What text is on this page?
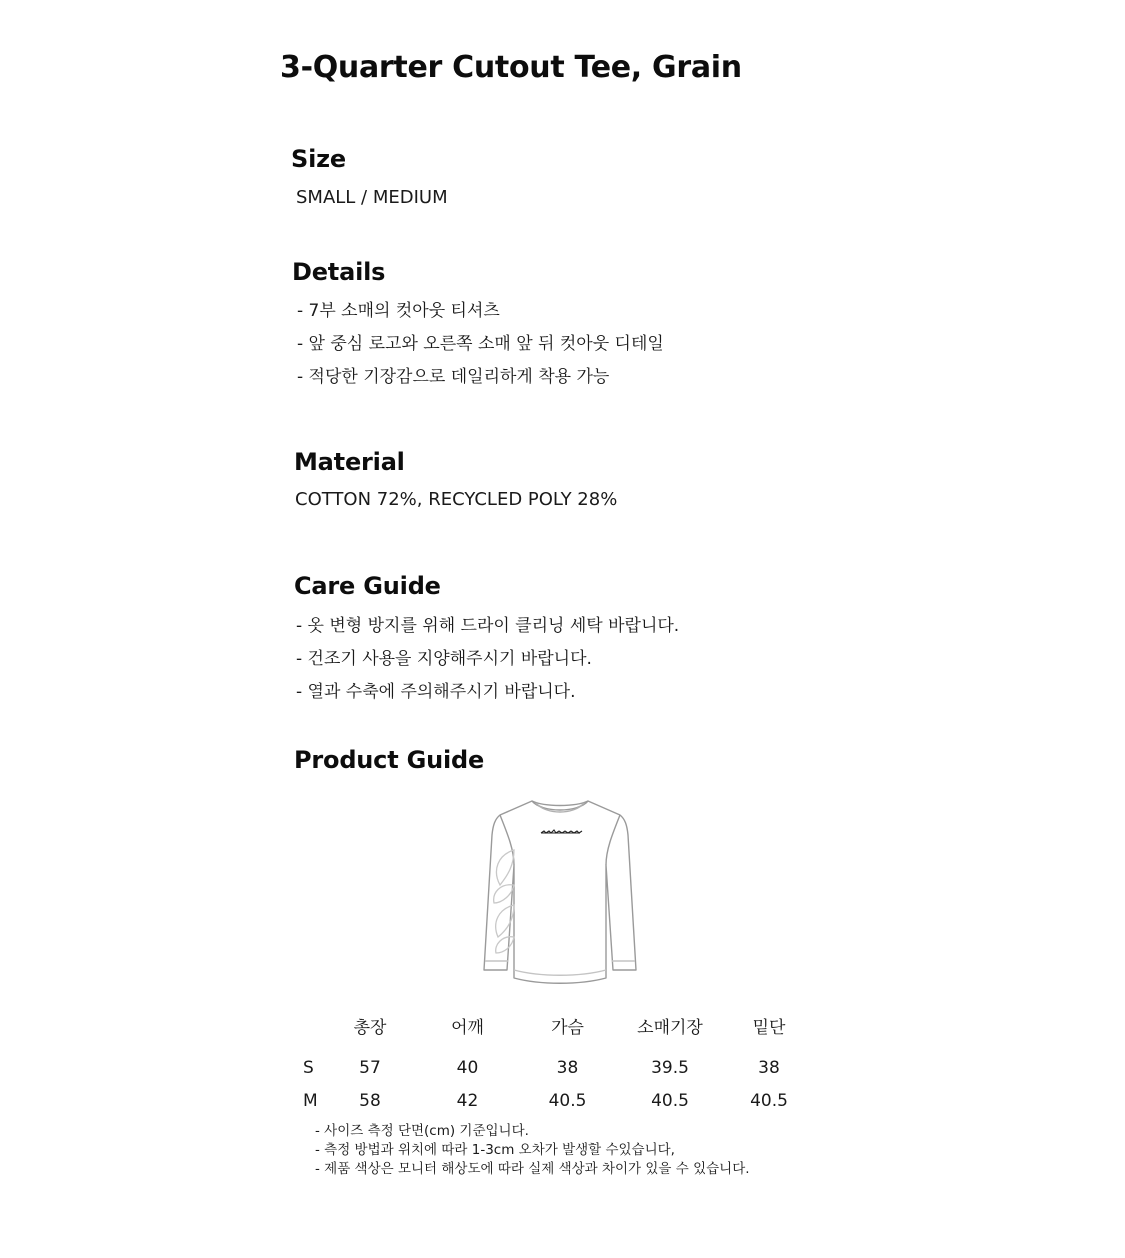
3-Quarter Cutout Tee, Grain
Size
SMALL / MEDIUM
Details
- 7부 소매의 컷아웃 티셔츠
- 앞 중심 로고와 오른쪽 소매 앞 뒤 컷아웃 디테일
- 적당한 기장감으로 데일리하게 착용 가능
Material
COTTON 72%, RECYCLED POLY 28%
Care Guide
- 옷 변형 방지를 위해 드라이 클리닝 세탁 바랍니다.
- 건조기 사용을 지양해주시기 바랍니다.
- 열과 수축에 주의해주시기 바랍니다.
Product Guide
	총장	어깨	가슴	소매기장	밑단

S	57	40	38	39.5	38
M	58	42	40.5	40.5	40.5
- 사이즈 측정 단면(cm) 기준입니다.
- 측정 방법과 위치에 따라 1-3cm 오차가 발생할 수있습니다,
- 제품 색상은 모니터 해상도에 따라 실제 색상과 차이가 있을 수 있습니다.
